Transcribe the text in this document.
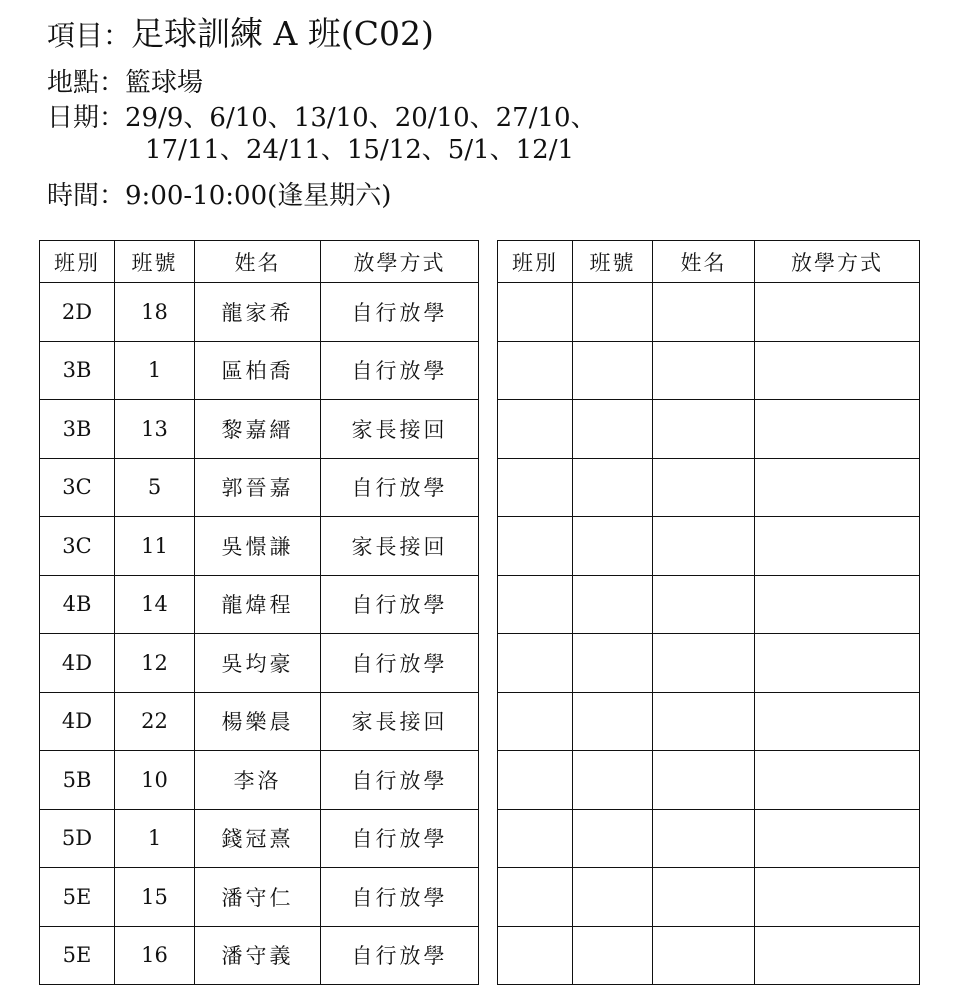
項目：足球訓練 A 班(C02)
地點：籃球場
日期：29/9、6/10、13/10、20/10、27/10、
17/11、24/11、15/12、5/1、12/1
時間：9:00-10:00(逢星期六)
班別	班號	姓名	放學方式
2D	18	龍家希	自行放學
3B	1	區柏喬	自行放學
3B	13	黎嘉縉	家長接回
3C	5	郭晉嘉	自行放學
3C	11	吳憬謙	家長接回
4B	14	龍煒程	自行放學
4D	12	吳均豪	自行放學
4D	22	楊樂晨	家長接回
5B	10	李洛	自行放學
5D	1	錢冠熹	自行放學
5E	15	潘守仁	自行放學
5E	16	潘守義	自行放學
班別	班號	姓名	放學方式
